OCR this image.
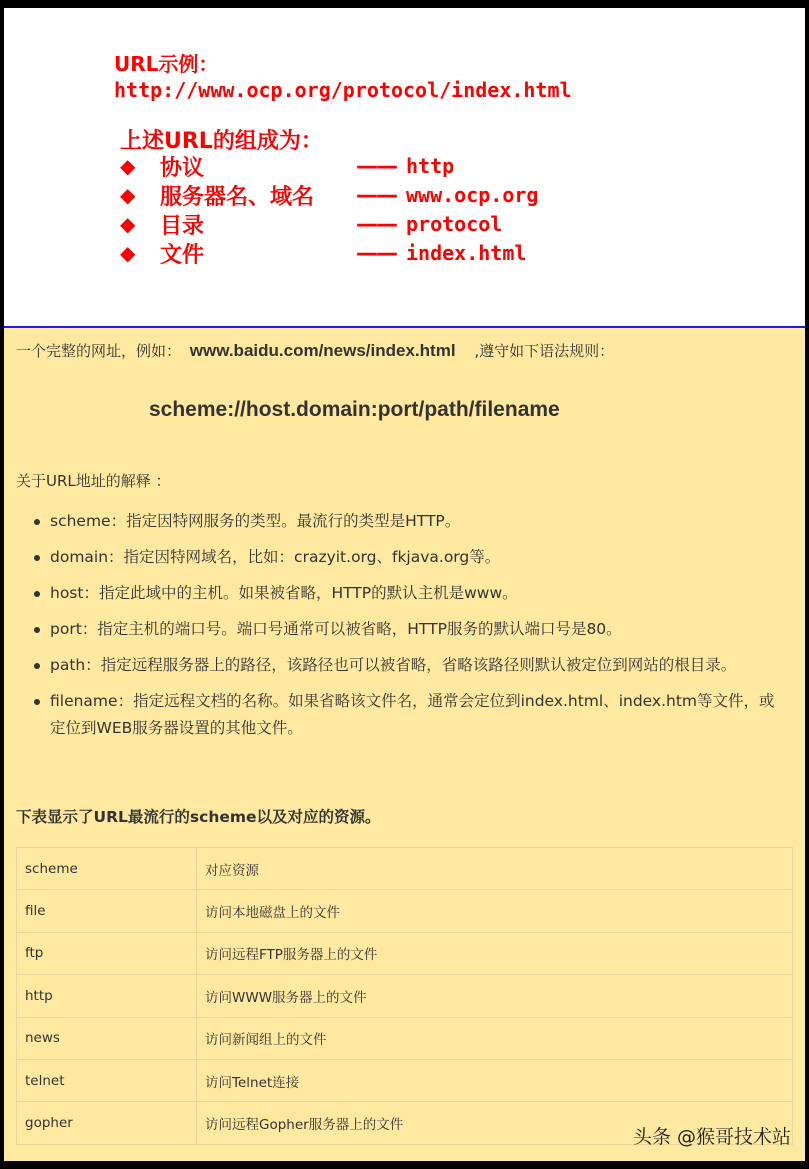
URL示例：
http://www.ocp.org/protocol/index.html
上述URL的组成为：
◆	协议	—— http
◆	服务器名、域名	—— www.ocp.org
◆	目录	—— protocol
◆	文件	—— index.html
一个完整的网址，例如： www.baidu.com/news/index.html ,遵守如下语法规则：
scheme://host.domain:port/path/filename
关于URL地址的解释 ：
scheme：指定因特网服务的类型。最流行的类型是HTTP。
domain：指定因特网域名，比如：crazyit.org、fkjava.org等。
host：指定此域中的主机。如果被省略，HTTP的默认主机是www。
port：指定主机的端口号。端口号通常可以被省略，HTTP服务的默认端口号是80。
path：指定远程服务器上的路径，该路径也可以被省略，省略该路径则默认被定位到网站的根目录。
filename：指定远程文档的名称。如果省略该文件名，通常会定位到index.html、index.htm等文件，或定位到WEB服务器设置的其他文件。
下表显示了URL最流行的scheme以及对应的资源。
scheme	对应资源
file	访问本地磁盘上的文件
ftp	访问远程FTP服务器上的文件
http	访问WWW服务器上的文件
news	访问新闻组上的文件
telnet	访问Telnet连接
gopher	访问远程Gopher服务器上的文件
头条 @猴哥技术站
